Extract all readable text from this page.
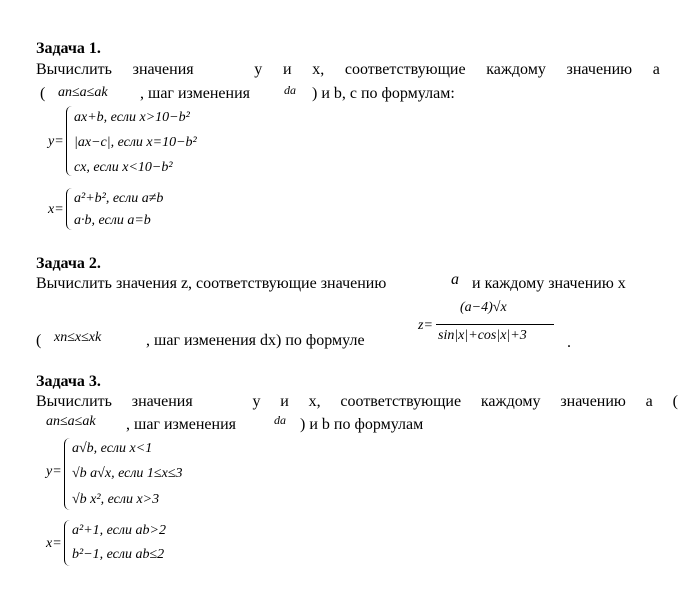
Задача 1.
Вычислить значения	y и x, соответствующие каждому значению a
( an≤a≤ak , шаг изменения	da ) и b, с по формулам:
y=
ax+b, если x>10−b²
|ax−c|, если x=10−b²
cx, если x<10−b²
x=
a²+b², если a≠b
a·b, если a=b
Задача 2.
Вычислить значения z, соответствующие значению	a и каждому значению x
( xn≤x≤xk	, шаг изменения dx) по формуле
z=
(a−4)√x
sin|x|+cos|x|+3	.
Задача 3.
Вычислить значения	y и x, соответствующие каждому значению a (
an≤a≤ak , шаг изменения	da ) и b по формулам
y=
a√b, если x<1
√b a√x, если 1≤x≤3
√b x², если x>3
x=
a²+1, если ab>2
b²−1, если ab≤2
